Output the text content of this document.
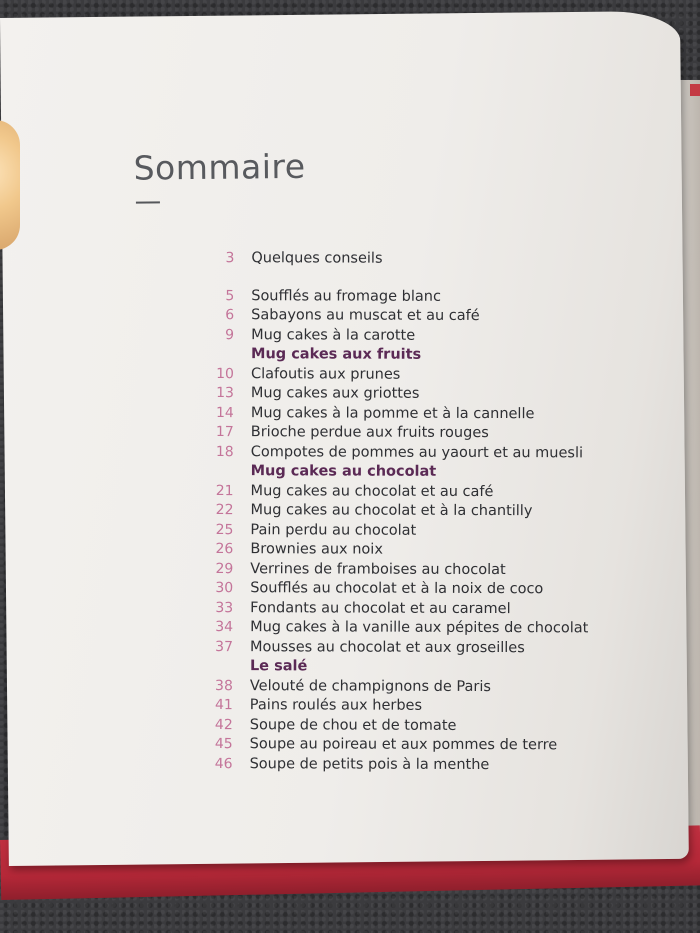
Sommaire
3 Quelques conseils
5 Soufflés au fromage blanc
6 Sabayons au muscat et au café
9 Mug cakes à la carotte
Mug cakes aux fruits
10 Clafoutis aux prunes
13 Mug cakes aux griottes
14 Mug cakes à la pomme et à la cannelle
17 Brioche perdue aux fruits rouges
18 Compotes de pommes au yaourt et au muesli
Mug cakes au chocolat
21 Mug cakes au chocolat et au café
22 Mug cakes au chocolat et à la chantilly
25 Pain perdu au chocolat
26 Brownies aux noix
29 Verrines de framboises au chocolat
30 Soufflés au chocolat et à la noix de coco
33 Fondants au chocolat et au caramel
34 Mug cakes à la vanille aux pépites de chocolat
37 Mousses au chocolat et aux groseilles
Le salé
38 Velouté de champignons de Paris
41 Pains roulés aux herbes
42 Soupe de chou et de tomate
45 Soupe au poireau et aux pommes de terre
46 Soupe de petits pois à la menthe
